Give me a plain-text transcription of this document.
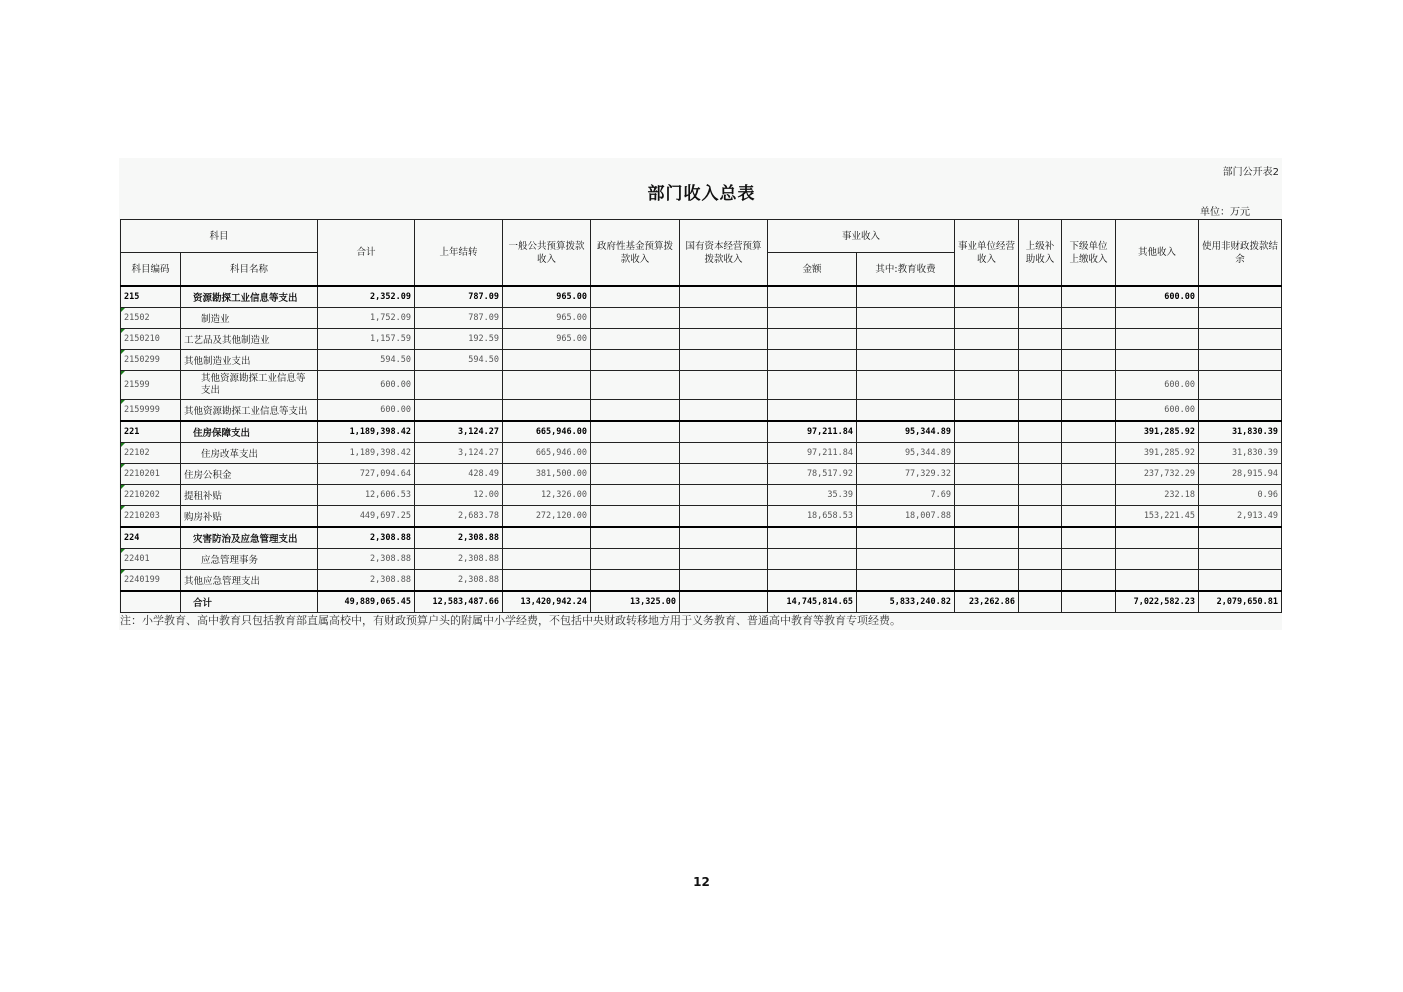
部门公开表2
部门收入总表
单位：万元
科目		合计	上年结转	一般公共预算拨款收入	政府性基金预算拨款收入	国有资本经营预算拨款收入	事业收入		事业单位经营收入	上级补助收入	下级单位上缴收入	其他收入	使用非财政拨款结余
科目编码	科目名称						金额	其中:教育收费					
215	资源勘探工业信息等支出	2,352.09	787.09	965.00								600.00	

21502	制造业	1,752.09	787.09	965.00									

2150210	工艺品及其他制造业	1,157.59	192.59	965.00									

2150299	其他制造业支出	594.50	594.50										

21599	其他资源勘探工业信息等支出	600.00										600.00	

2159999	其他资源勘探工业信息等支出	600.00										600.00	
221	住房保障支出	1,189,398.42	3,124.27	665,946.00			97,211.84	95,344.89				391,285.92	31,830.39

22102	住房改革支出	1,189,398.42	3,124.27	665,946.00			97,211.84	95,344.89				391,285.92	31,830.39

2210201	住房公积金	727,094.64	428.49	381,500.00			78,517.92	77,329.32				237,732.29	28,915.94

2210202	提租补贴	12,606.53	12.00	12,326.00			35.39	7.69				232.18	0.96

2210203	购房补贴	449,697.25	2,683.78	272,120.00			18,658.53	18,007.88				153,221.45	2,913.49
224	灾害防治及应急管理支出	2,308.88	2,308.88										

22401	应急管理事务	2,308.88	2,308.88										

2240199	其他应急管理支出	2,308.88	2,308.88										
	合计	49,889,065.45	12,583,487.66	13,420,942.24	13,325.00		14,745,814.65	5,833,240.82	23,262.86			7,022,582.23	2,079,650.81
注：小学教育、高中教育只包括教育部直属高校中，有财政预算户头的附属中小学经费，不包括中央财政转移地方用于义务教育、普通高中教育等教育专项经费。
12
